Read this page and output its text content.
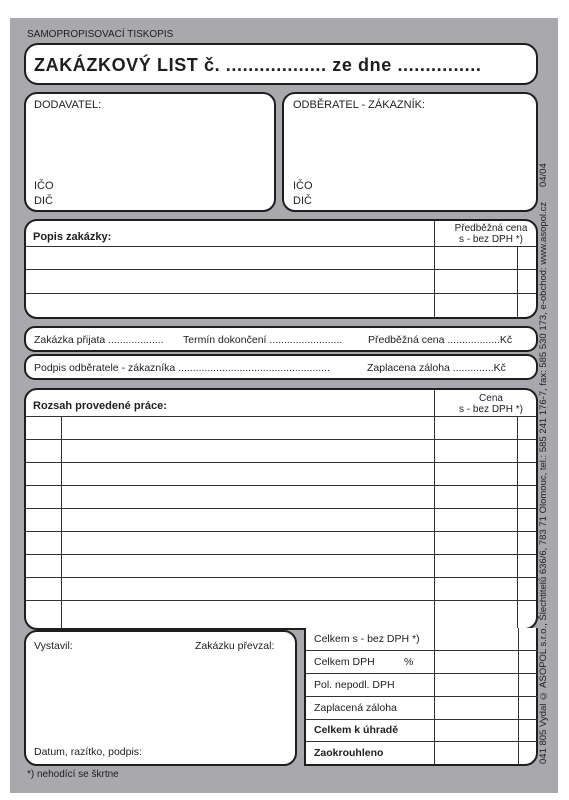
SAMOPROPISOVACÍ TISKOPIS
ZAKÁZKOVÝ LIST č. .................. ze dne ...............
DODAVATEL:
IČO
DIČ
ODBĚRATEL - ZÁKAZNÍK:
IČO
DIČ
Popis zakázky:
Předběžná cena
s - bez DPH *)
Zakázka přijata ................... Termín dokončení ......................... Předběžná cena ..................Kč
Podpis odběratele - zákazníka ....................................................	Zaplacena záloha ..............Kč
Rozsah provedené práce:
Cena
s - bez DPH *)
Vystavil:	Zakázku převzal:
Datum, razítko, podpis:
Celkem s - bez DPH *)
Celkem DPH	%
Pol. nepodl. DPH
Zaplacená záloha
Celkem k úhradě
Zaokrouhleno
*) nehodící se škrtne
041 805 Vydal © ASOPOL s.r.o., Šlechtitelů 636/6, 783 71 Olomouc, tel.: 585 241 176-7, fax: 585 530 173, e-obchod: www.asopol.cz 04/04
